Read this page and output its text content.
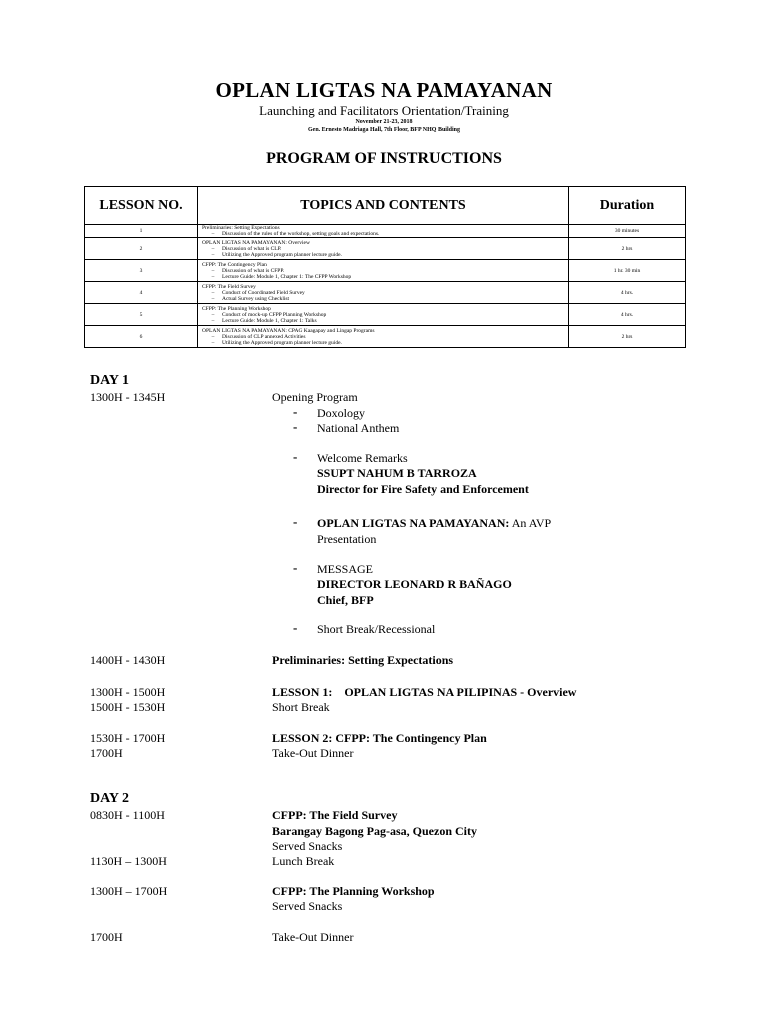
OPLAN LIGTAS NA PAMAYANAN
Launching and Facilitators Orientation/Training
November 21-23, 2018
Gen. Ernesto Madriaga Hall, 7th Floor, BFP NHQ Building
PROGRAM OF INSTRUCTIONS
LESSON NO.	TOPICS AND CONTENTS	Duration
1	Preliminaries: Setting Expectations
– Discussion of the rules of the workshop, setting goals and expectations.	30 minutes
2	OPLAN LIGTAS NA PAMAYANAN: Overview
– Discussion of what is CLP.
– Utilizing the Approved program planner lecture guide.	2 hrs
3	CFPP: The Contingency Plan
– Discussion of what is CFPP.
– Lecture Guide: Module 1, Chapter 1: The CFPP Workshop	1 hr. 30 min
4	CFPP: The Field Survey
– Conduct of Coordinated Field Survey
– Actual Survey using Checklist	4 hrs.
5	CFPP: The Planning Workshop
– Conduct of mock-up CFPP Planning Workshop
– Lecture Guide: Module 1, Chapter 1: Talks	4 hrs.
6	OPLAN LIGTAS NA PAMAYANAN: CPAG Kaagapay and Lingap Programs
– Discussion of CLP annexed Activities
– Utilizing the Approved program planner lecture guide.	2 hrs
DAY 1
1300H - 1345H	Opening Program
- Doxology
- National Anthem
- Welcome Remarks
SSUPT NAHUM B TARROZA
Director for Fire Safety and Enforcement
- OPLAN LIGTAS NA PAMAYANAN: An AVP
Presentation
- MESSAGE
DIRECTOR LEONARD R BAÑAGO
Chief, BFP
- Short Break/Recessional
1400H - 1430H	Preliminaries: Setting Expectations
1300H - 1500H	LESSON 1:    OPLAN LIGTAS NA PILIPINAS - Overview
1500H - 1530H	Short Break
1530H - 1700H	LESSON 2: CFPP: The Contingency Plan
1700H	Take-Out Dinner
DAY 2
0830H - 1100H	CFPP: The Field Survey
Barangay Bagong Pag-asa, Quezon City
Served Snacks
1130H – 1300H	Lunch Break
1300H – 1700H	CFPP: The Planning Workshop
Served Snacks
1700H	Take-Out Dinner
